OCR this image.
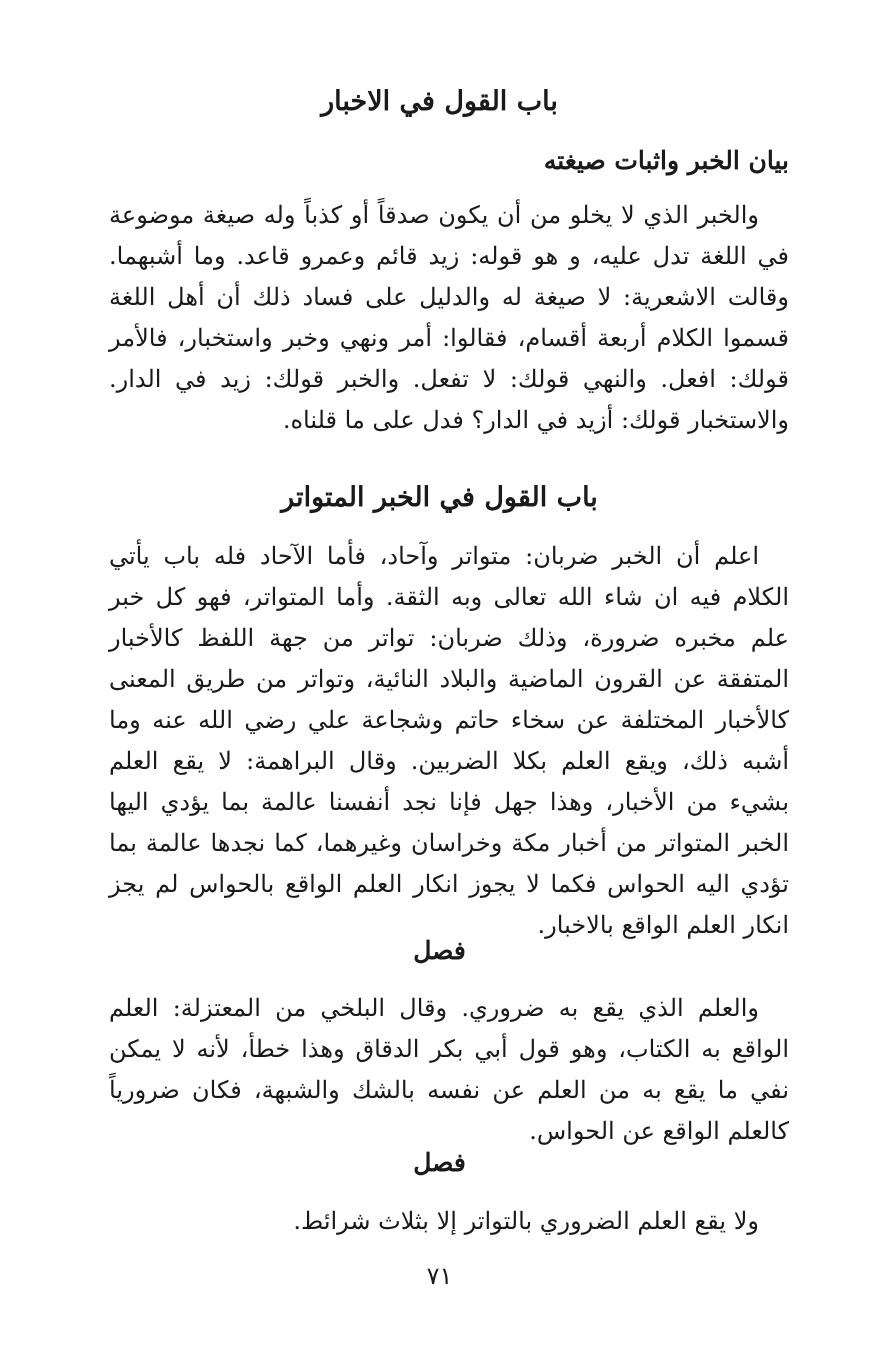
باب القول في الاخبار
بيان الخبر واثبات صيغته

والخبر الذي لا يخلو من أن يكون صدقاً أو كذباً وله صيغة موضوعة في اللغة تدل عليه، و هو قوله: زيد قائم وعمرو قاعد. وما أشبهما. وقالت الاشعرية: لا صيغة له والدليل على فساد ذلك أن أهل اللغة قسموا الكلام أربعة أقسام، فقالوا: أمر ونهي وخبر واستخبار، فالأمر قولك: افعل. والنهي قولك: لا تفعل. والخبر قولك: زيد في الدار. والاستخبار قولك: أزيد في الدار؟ فدل على ما قلناه.

باب القول في الخبر المتواتر

اعلم أن الخبر ضربان: متواتر وآحاد، فأما الآحاد فله باب يأتي الكلام فيه ان شاء الله تعالى وبه الثقة. وأما المتواتر، فهو كل خبر علم مخبره ضرورة، وذلك ضربان: تواتر من جهة اللفظ كالأخبار المتفقة عن القرون الماضية والبلاد النائية، وتواتر من طريق المعنى كالأخبار المختلفة عن سخاء حاتم وشجاعة علي رضي الله عنه وما أشبه ذلك، ويقع العلم بكلا الضربين. وقال البراهمة: لا يقع العلم بشيء من الأخبار، وهذا جهل فإنا نجد أنفسنا عالمة بما يؤدي اليها الخبر المتواتر من أخبار مكة وخراسان وغيرهما، كما نجدها عالمة بما تؤدي اليه الحواس فكما لا يجوز انكار العلم الواقع بالحواس لم يجز انكار العلم الواقع بالاخبار.

فصل

والعلم الذي يقع به ضروري. وقال البلخي من المعتزلة: العلم الواقع به الكتاب، وهو قول أبي بكر الدقاق وهذا خطأ، لأنه لا يمكن نفي ما يقع به من العلم عن نفسه بالشك والشبهة، فكان ضرورياً كالعلم الواقع عن الحواس.

فصل

ولا يقع العلم الضروري بالتواتر إلا بثلاث شرائط.

٧١
